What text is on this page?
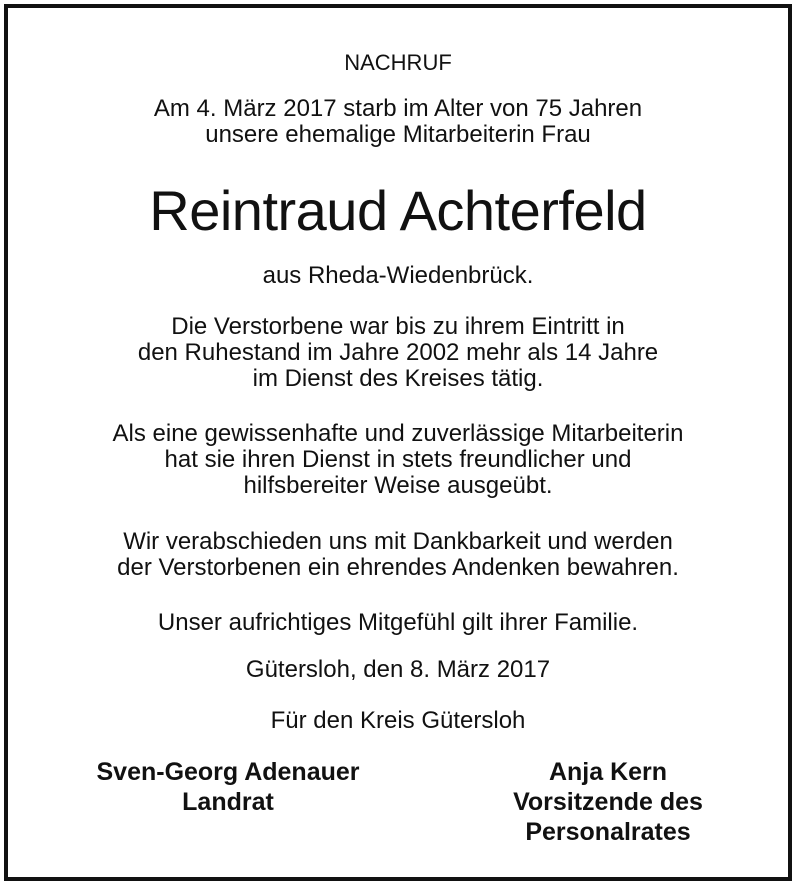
NACHRUF
Am 4. März 2017 starb im Alter von 75 Jahren
unsere ehemalige Mitarbeiterin Frau
Reintraud Achterfeld
aus Rheda-Wiedenbrück.
Die Verstorbene war bis zu ihrem Eintritt in
den Ruhestand im Jahre 2002 mehr als 14 Jahre
im Dienst des Kreises tätig.
Als eine gewissenhafte und zuverlässige Mitarbeiterin
hat sie ihren Dienst in stets freundlicher und
hilfsbereiter Weise ausgeübt.
Wir verabschieden uns mit Dankbarkeit und werden
der Verstorbenen ein ehrendes Andenken bewahren.
Unser aufrichtiges Mitgefühl gilt ihrer Familie.
Gütersloh, den 8. März 2017
Für den Kreis Gütersloh
Sven-Georg Adenauer
Landrat
Anja Kern
Vorsitzende des
Personalrates
